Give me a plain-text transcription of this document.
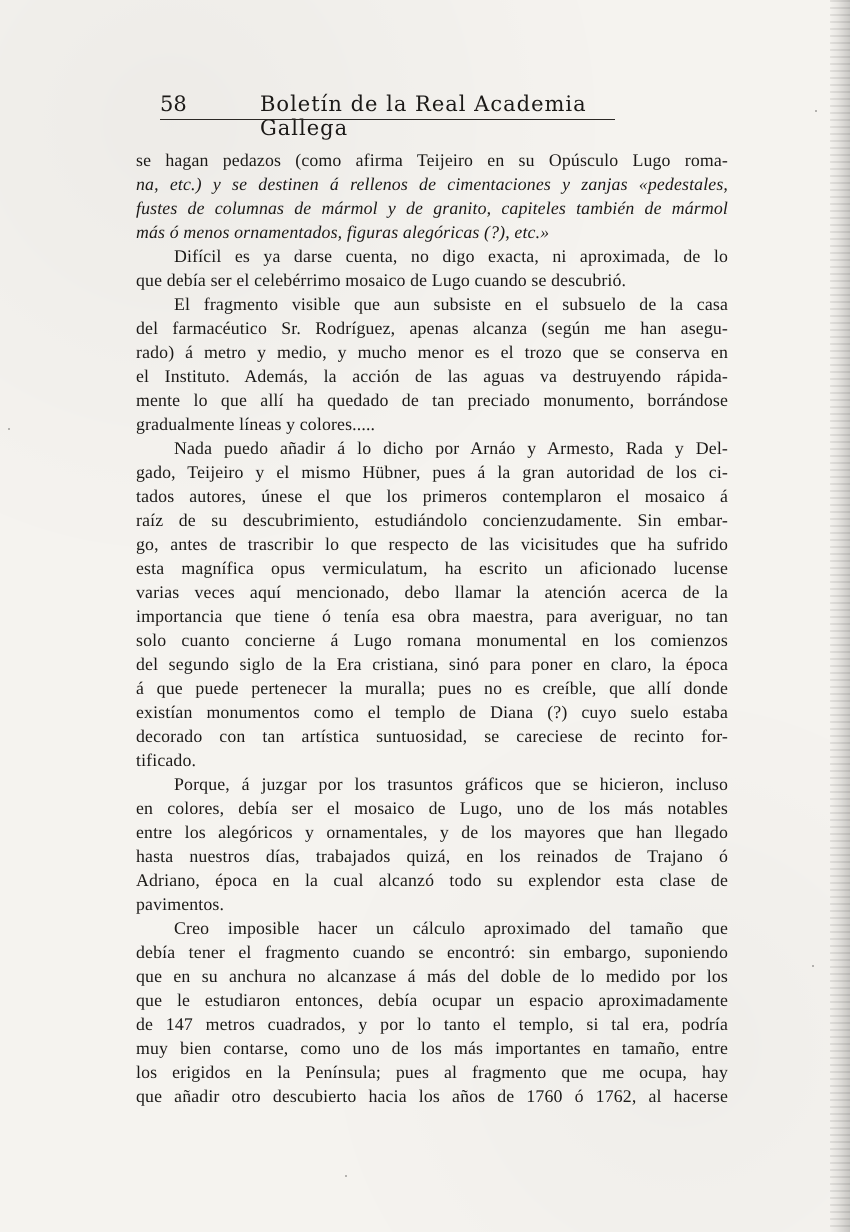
58	Boletín de la Real Academia Gallega
se hagan pedazos (como afirma Teijeiro en su Opúsculo Lugo roma-
na, etc.) y se destinen á rellenos de cimentaciones y zanjas «pedestales,
fustes de columnas de mármol y de granito, capiteles también de mármol
más ó menos ornamentados, figuras alegóricas (?), etc.»
Difícil es ya darse cuenta, no digo exacta, ni aproximada, de lo
que debía ser el celebérrimo mosaico de Lugo cuando se descubrió.
El fragmento visible que aun subsiste en el subsuelo de la casa
del farmacéutico Sr. Rodríguez, apenas alcanza (según me han asegu-
rado) á metro y medio, y mucho menor es el trozo que se conserva en
el Instituto. Además, la acción de las aguas va destruyendo rápida-
mente lo que allí ha quedado de tan preciado monumento, borrándose
gradualmente líneas y colores.....
Nada puedo añadir á lo dicho por Arnáo y Armesto, Rada y Del-
gado, Teijeiro y el mismo Hübner, pues á la gran autoridad de los ci-
tados autores, únese el que los primeros contemplaron el mosaico á
raíz de su descubrimiento, estudiándolo concienzudamente. Sin embar-
go, antes de trascribir lo que respecto de las vicisitudes que ha sufrido
esta magnífica opus vermiculatum, ha escrito un aficionado lucense
varias veces aquí mencionado, debo llamar la atención acerca de la
importancia que tiene ó tenía esa obra maestra, para averiguar, no tan
solo cuanto concierne á Lugo romana monumental en los comienzos
del segundo siglo de la Era cristiana, sinó para poner en claro, la época
á que puede pertenecer la muralla; pues no es creíble, que allí donde
existían monumentos como el templo de Diana (?) cuyo suelo estaba
decorado con tan artística suntuosidad, se careciese de recinto for-
tificado.
Porque, á juzgar por los trasuntos gráficos que se hicieron, incluso
en colores, debía ser el mosaico de Lugo, uno de los más notables
entre los alegóricos y ornamentales, y de los mayores que han llegado
hasta nuestros días, trabajados quizá, en los reinados de Trajano ó
Adriano, época en la cual alcanzó todo su explendor esta clase de
pavimentos.
Creo imposible hacer un cálculo aproximado del tamaño que
debía tener el fragmento cuando se encontró: sin embargo, suponiendo
que en su anchura no alcanzase á más del doble de lo medido por los
que le estudiaron entonces, debía ocupar un espacio aproximadamente
de 147 metros cuadrados, y por lo tanto el templo, si tal era, podría
muy bien contarse, como uno de los más importantes en tamaño, entre
los erigidos en la Península; pues al fragmento que me ocupa, hay
que añadir otro descubierto hacia los años de 1760 ó 1762, al hacerse
